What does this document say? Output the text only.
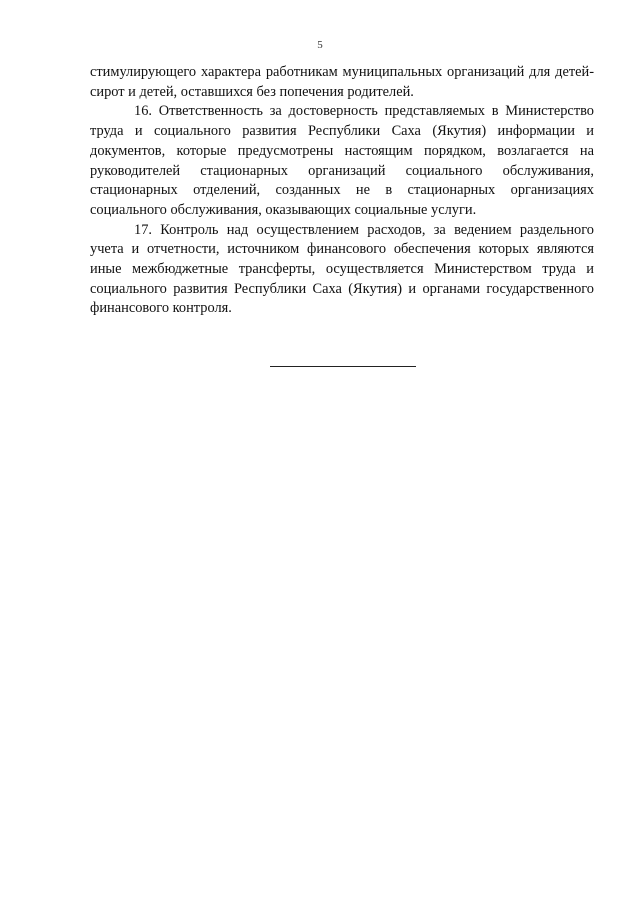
5

стимулирующего характера работникам муниципальных организаций для детей-сирот и детей, оставшихся без попечения родителей.

16. Ответственность за достоверность представляемых в Министерство труда и социального развития Республики Саха (Якутия) информации и документов, которые предусмотрены настоящим порядком, возлагается на руководителей стационарных организаций социального обслуживания, стационарных отделений, созданных не в стационарных организациях социального обслуживания, оказывающих социальные услуги.

17. Контроль над осуществлением расходов, за ведением раздельного учета и отчетности, источником финансового обеспечения которых являются иные межбюджетные трансферты, осуществляется Министерством труда и социального развития Республики Саха (Якутия) и органами государственного финансового контроля.
